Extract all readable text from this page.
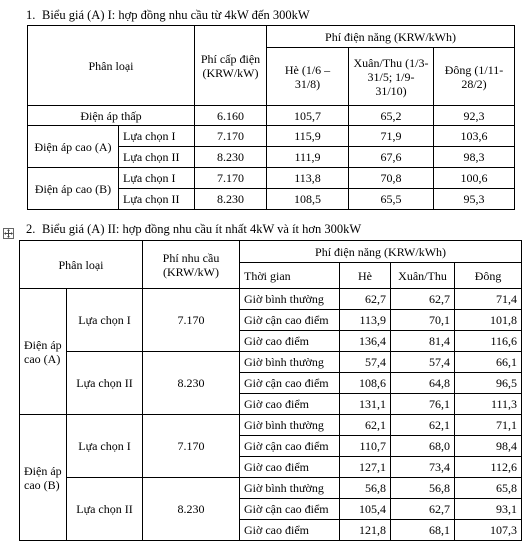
1. Biểu giá (A) I: hợp đồng nhu cầu từ 4kW đến 300kW
Phân loại		Phí cấp điện (KRW/kW)	Phí điện năng (KRW/kWh)		
			Hè (1/6 – 31/8)	Xuân/Thu (1/3-31/5; 1/9-31/10)	Đông (1/11-28/2)
Điện áp thấp		6.160	105,7	65,2	92,3
Điện áp cao (A)	Lựa chọn I	7.170	115,9	71,9	103,6
	Lựa chọn II	8.230	111,9	67,6	98,3
Điện áp cao (B)	Lựa chọn I	7.170	113,8	70,8	100,6
	Lựa chọn II	8.230	108,5	65,5	95,3
2. Biểu giá (A) II: hợp đồng nhu cầu ít nhất 4kW và ít hơn 300kW
Phân loại		Phí nhu cầu (KRW/kW)	Phí điện năng (KRW/kWh)			
			Thời gian	Hè	Xuân/Thu	Đông
Điện áp cao (A)	Lựa chọn I	7.170	Giờ bình thường	62,7	62,7	71,4
			Giờ cận cao điểm	113,9	70,1	101,8
			Giờ cao điểm	136,4	81,4	116,6
	Lựa chọn II	8.230	Giờ bình thường	57,4	57,4	66,1
			Giờ cận cao điểm	108,6	64,8	96,5
			Giờ cao điểm	131,1	76,1	111,3
Điện áp cao (B)	Lựa chọn I	7.170	Giờ bình thường	62,1	62,1	71,1
			Giờ cận cao điểm	110,7	68,0	98,4
			Giờ cao điểm	127,1	73,4	112,6
	Lựa chọn II	8.230	Giờ bình thường	56,8	56,8	65,8
			Giờ cận cao điểm	105,4	62,7	93,1
			Giờ cao điểm	121,8	68,1	107,3
